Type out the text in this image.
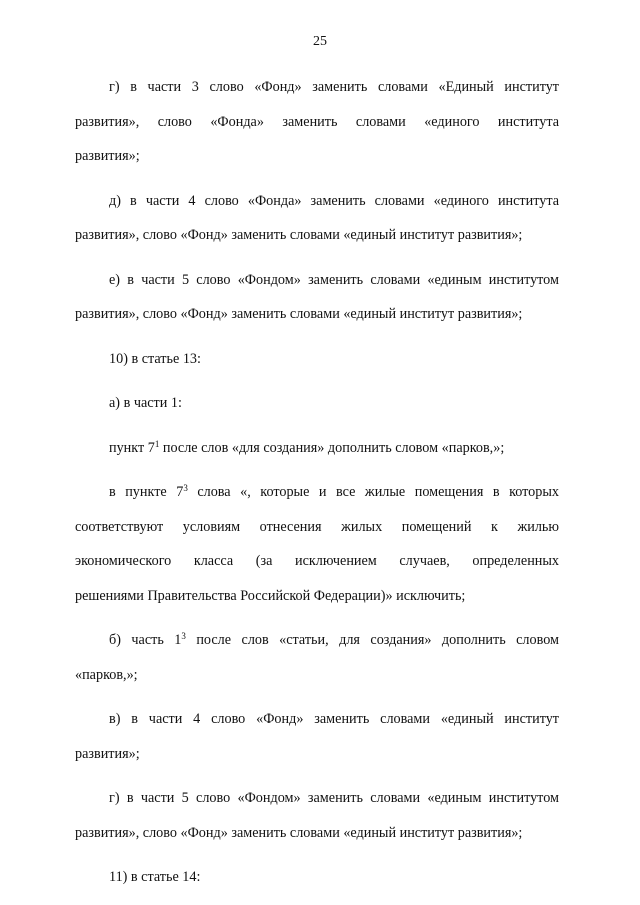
25

г) в части 3 слово «Фонд» заменить словами «Единый институт
развития», слово «Фонда» заменить словами «единого института
развития»;

д) в части 4 слово «Фонда» заменить словами «единого института
развития», слово «Фонд» заменить словами «единый институт развития»;

е) в части 5 слово «Фондом» заменить словами «единым институтом
развития», слово «Фонд» заменить словами «единый институт развития»;

10) в статье 13:

а) в части 1:

пункт $7^1$ после слов «для создания» дополнить словом «парков,»;

в пункте $7^3$ слова «, которые и все жилые помещения в которых
соответствуют условиям отнесения жилых помещений к жилью
экономического класса (за исключением случаев, определенных
решениями Правительства Российской Федерации)» исключить;

б) часть $1^3$ после слов «статьи, для создания» дополнить словом
«парков,»;

в) в части 4 слово «Фонд» заменить словами «единый институт
развития»;

г) в части 5 слово «Фондом» заменить словами «единым институтом
развития», слово «Фонд» заменить словами «единый институт развития»;

11) в статье 14:
